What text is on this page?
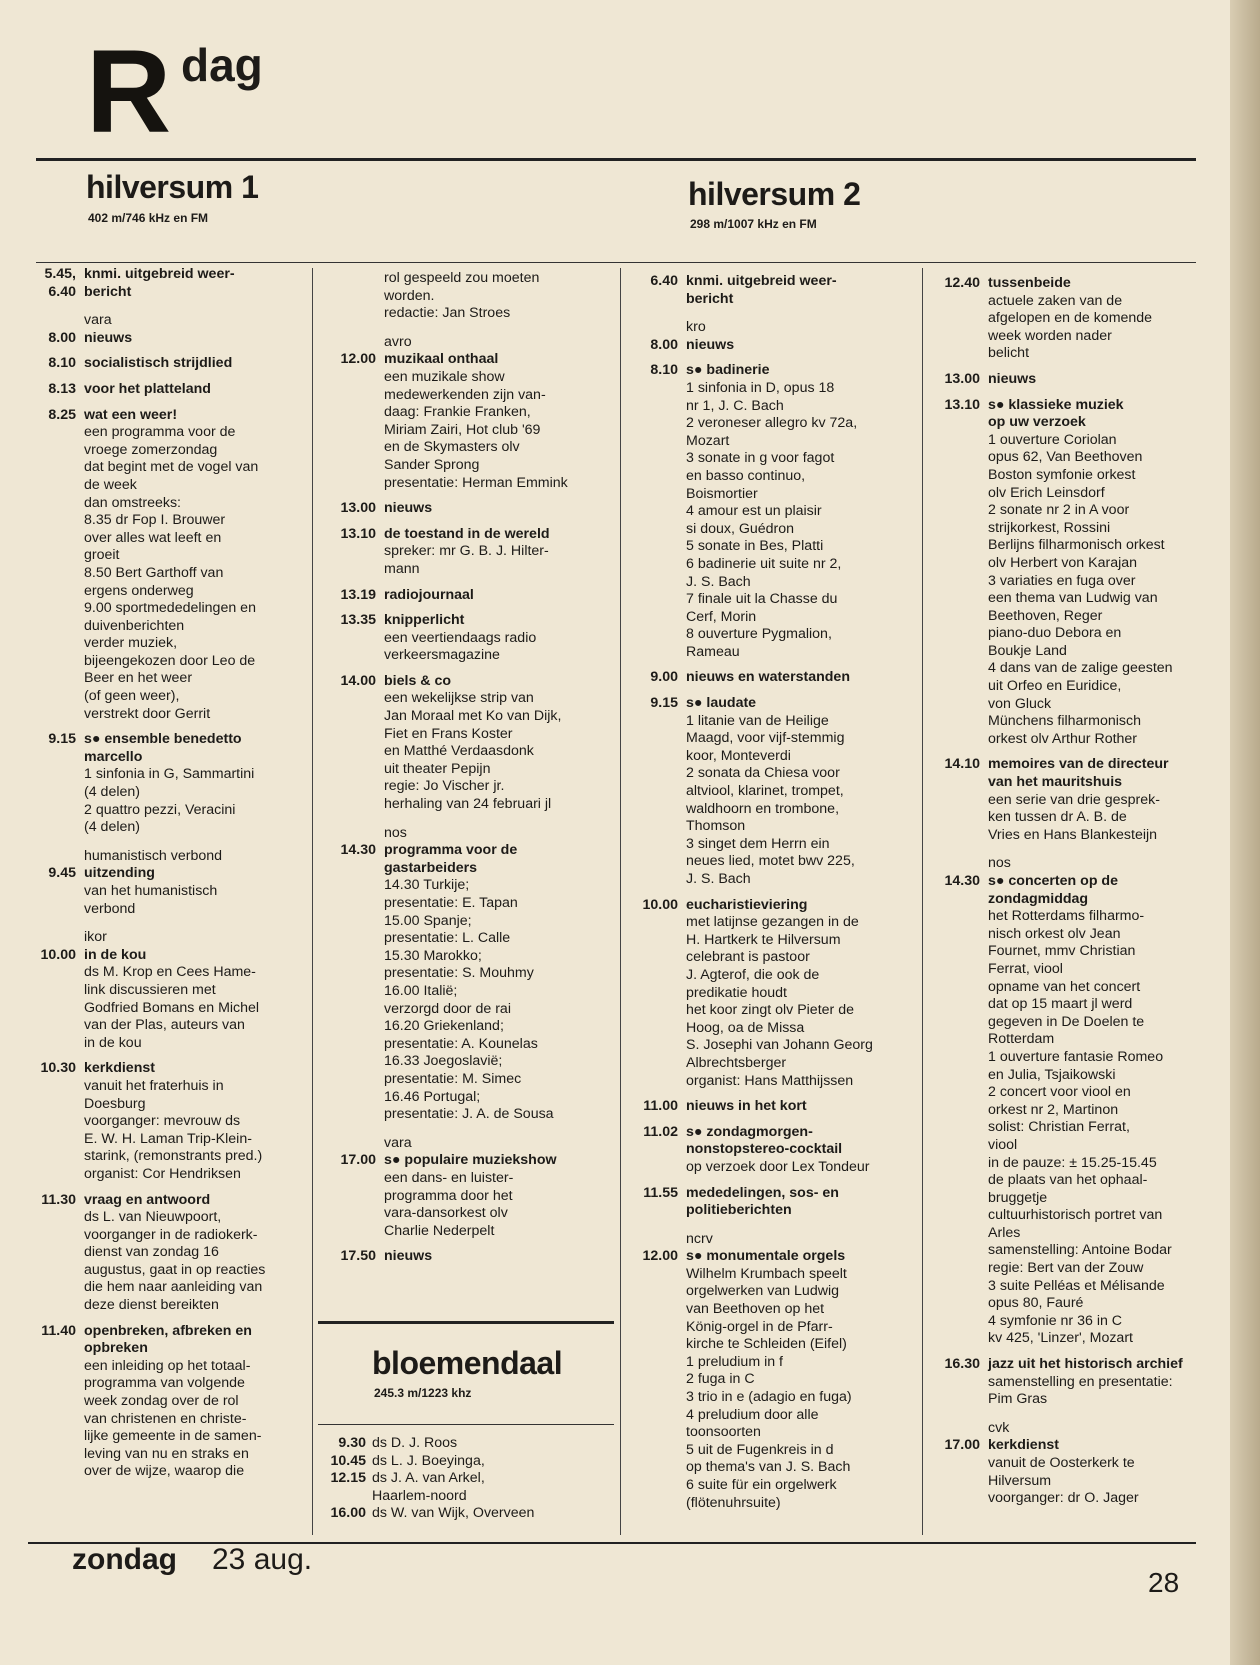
R dag
hilversum 1
402 m/746 kHz en FM
hilversum 2
298 m/1007 kHz en FM
5.45, 6.40
knmi. uitgebreid weer-
bericht
vara
8.00 nieuws
8.10 socialistisch strijdlied
8.13 voor het platteland
8.25 wat een weer!
een programma voor de
vroege zomerzondag
dat begint met de vogel van
de week
dan omstreeks:
8.35 dr Fop I. Brouwer
over alles wat leeft en
groeit
8.50 Bert Garthoff van
ergens onderweg
9.00 sportmededelingen en
duivenberichten
verder muziek,
bijeengekozen door Leo de
Beer en het weer
(of geen weer),
verstrekt door Gerrit
9.15 s● ensemble benedetto
marcello
1 sinfonia in G, Sammartini
(4 delen)
2 quattro pezzi, Veracini
(4 delen)
humanistisch verbond
9.45 uitzending
van het humanistisch
verbond
ikor
10.00 in de kou
ds M. Krop en Cees Hame-
link discussieren met
Godfried Bomans en Michel
van der Plas, auteurs van
in de kou
10.30 kerkdienst
vanuit het fraterhuis in
Doesburg
voorganger: mevrouw ds
E. W. H. Laman Trip-Klein-
starink, (remonstrants pred.)
organist: Cor Hendriksen
11.30 vraag en antwoord
ds L. van Nieuwpoort,
voorganger in de radiokerk-
dienst van zondag 16
augustus, gaat in op reacties
die hem naar aanleiding van
deze dienst bereikten
11.40 openbreken, afbreken en
opbreken
een inleiding op het totaal-
programma van volgende
week zondag over de rol
van christenen en christe-
lijke gemeente in de samen-
leving van nu en straks en
over de wijze, waarop die
rol gespeeld zou moeten
worden.
redactie: Jan Stroes
avro
12.00 muzikaal onthaal
een muzikale show
medewerkenden zijn van-
daag: Frankie Franken,
Miriam Zairi, Hot club '69
en de Skymasters olv
Sander Sprong
presentatie: Herman Emmink
13.00 nieuws
13.10 de toestand in de wereld
spreker: mr G. B. J. Hilter-
mann
13.19 radiojournaal
13.35 knipperlicht
een veertiendaags radio
verkeersmagazine
14.00 biels & co
een wekelijkse strip van
Jan Moraal met Ko van Dijk,
Fiet en Frans Koster
en Matthé Verdaasdonk
uit theater Pepijn
regie: Jo Vischer jr.
herhaling van 24 februari jl
nos
14.30 programma voor de
gastarbeiders
14.30 Turkije;
presentatie: E. Tapan
15.00 Spanje;
presentatie: L. Calle
15.30 Marokko;
presentatie: S. Mouhmy
16.00 Italië;
verzorgd door de rai
16.20 Griekenland;
presentatie: A. Kounelas
16.33 Joegoslavië;
presentatie: M. Simec
16.46 Portugal;
presentatie: J. A. de Sousa
vara
17.00 s● populaire muziekshow
een dans- en luister-
programma door het
vara-dansorkest olv
Charlie Nederpelt
17.50 nieuws
bloemendaal
245.3 m/1223 khz
9.30 ds D. J. Roos
10.45 ds L. J. Boeyinga,
12.15 ds J. A. van Arkel,
Haarlem-noord
16.00 ds W. van Wijk, Overveen
6.40 knmi. uitgebreid weer-
bericht
kro
8.00 nieuws
8.10 s● badinerie
1 sinfonia in D, opus 18
nr 1, J. C. Bach
2 veroneser allegro kv 72a,
Mozart
3 sonate in g voor fagot
en basso continuo,
Boismortier
4 amour est un plaisir
si doux, Guédron
5 sonate in Bes, Platti
6 badinerie uit suite nr 2,
J. S. Bach
7 finale uit la Chasse du
Cerf, Morin
8 ouverture Pygmalion,
Rameau
9.00 nieuws en waterstanden
9.15 s● laudate
1 litanie van de Heilige
Maagd, voor vijf-stemmig
koor, Monteverdi
2 sonata da Chiesa voor
altviool, klarinet, trompet,
waldhoorn en trombone,
Thomson
3 singet dem Herrn ein
neues lied, motet bwv 225,
J. S. Bach
10.00 eucharistieviering
met latijnse gezangen in de
H. Hartkerk te Hilversum
celebrant is pastoor
J. Agterof, die ook de
predikatie houdt
het koor zingt olv Pieter de
Hoog, oa de Missa
S. Josephi van Johann Georg
Albrechtsberger
organist: Hans Matthijssen
11.00 nieuws in het kort
11.02 s● zondagmorgen-
nonstopstereo-cocktail
op verzoek door Lex Tondeur
11.55 mededelingen, sos- en
politieberichten
ncrv
12.00 s● monumentale orgels
Wilhelm Krumbach speelt
orgelwerken van Ludwig
van Beethoven op het
König-orgel in de Pfarr-
kirche te Schleiden (Eifel)
1 preludium in f
2 fuga in C
3 trio in e (adagio en fuga)
4 preludium door alle
toonsoorten
5 uit de Fugenkreis in d
op thema's van J. S. Bach
6 suite für ein orgelwerk
(flötenuhrsuite)
12.40 tussenbeide
actuele zaken van de
afgelopen en de komende
week worden nader
belicht
13.00 nieuws
13.10 s● klassieke muziek
op uw verzoek
1 ouverture Coriolan
opus 62, Van Beethoven
Boston symfonie orkest
olv Erich Leinsdorf
2 sonate nr 2 in A voor
strijkorkest, Rossini
Berlijns filharmonisch orkest
olv Herbert von Karajan
3 variaties en fuga over
een thema van Ludwig van
Beethoven, Reger
piano-duo Debora en
Boukje Land
4 dans van de zalige geesten
uit Orfeo en Euridice,
von Gluck
Münchens filharmonisch
orkest olv Arthur Rother
14.10 memoires van de directeur
van het mauritshuis
een serie van drie gesprek-
ken tussen dr A. B. de
Vries en Hans Blankesteijn
nos
14.30 s● concerten op de
zondagmiddag
het Rotterdams filharmo-
nisch orkest olv Jean
Fournet, mmv Christian
Ferrat, viool
opname van het concert
dat op 15 maart jl werd
gegeven in De Doelen te
Rotterdam
1 ouverture fantasie Romeo
en Julia, Tsjaikowski
2 concert voor viool en
orkest nr 2, Martinon
solist: Christian Ferrat,
viool
in de pauze: ± 15.25-15.45
de plaats van het ophaal-
bruggetje
cultuurhistorisch portret van
Arles
samenstelling: Antoine Bodar
regie: Bert van der Zouw
3 suite Pelléas et Mélisande
opus 80, Fauré
4 symfonie nr 36 in C
kv 425, 'Linzer', Mozart
16.30 jazz uit het historisch archief
samenstelling en presentatie:
Pim Gras
cvk
17.00 kerkdienst
vanuit de Oosterkerk te
Hilversum
voorganger: dr O. Jager
zondag 23 aug.
28
